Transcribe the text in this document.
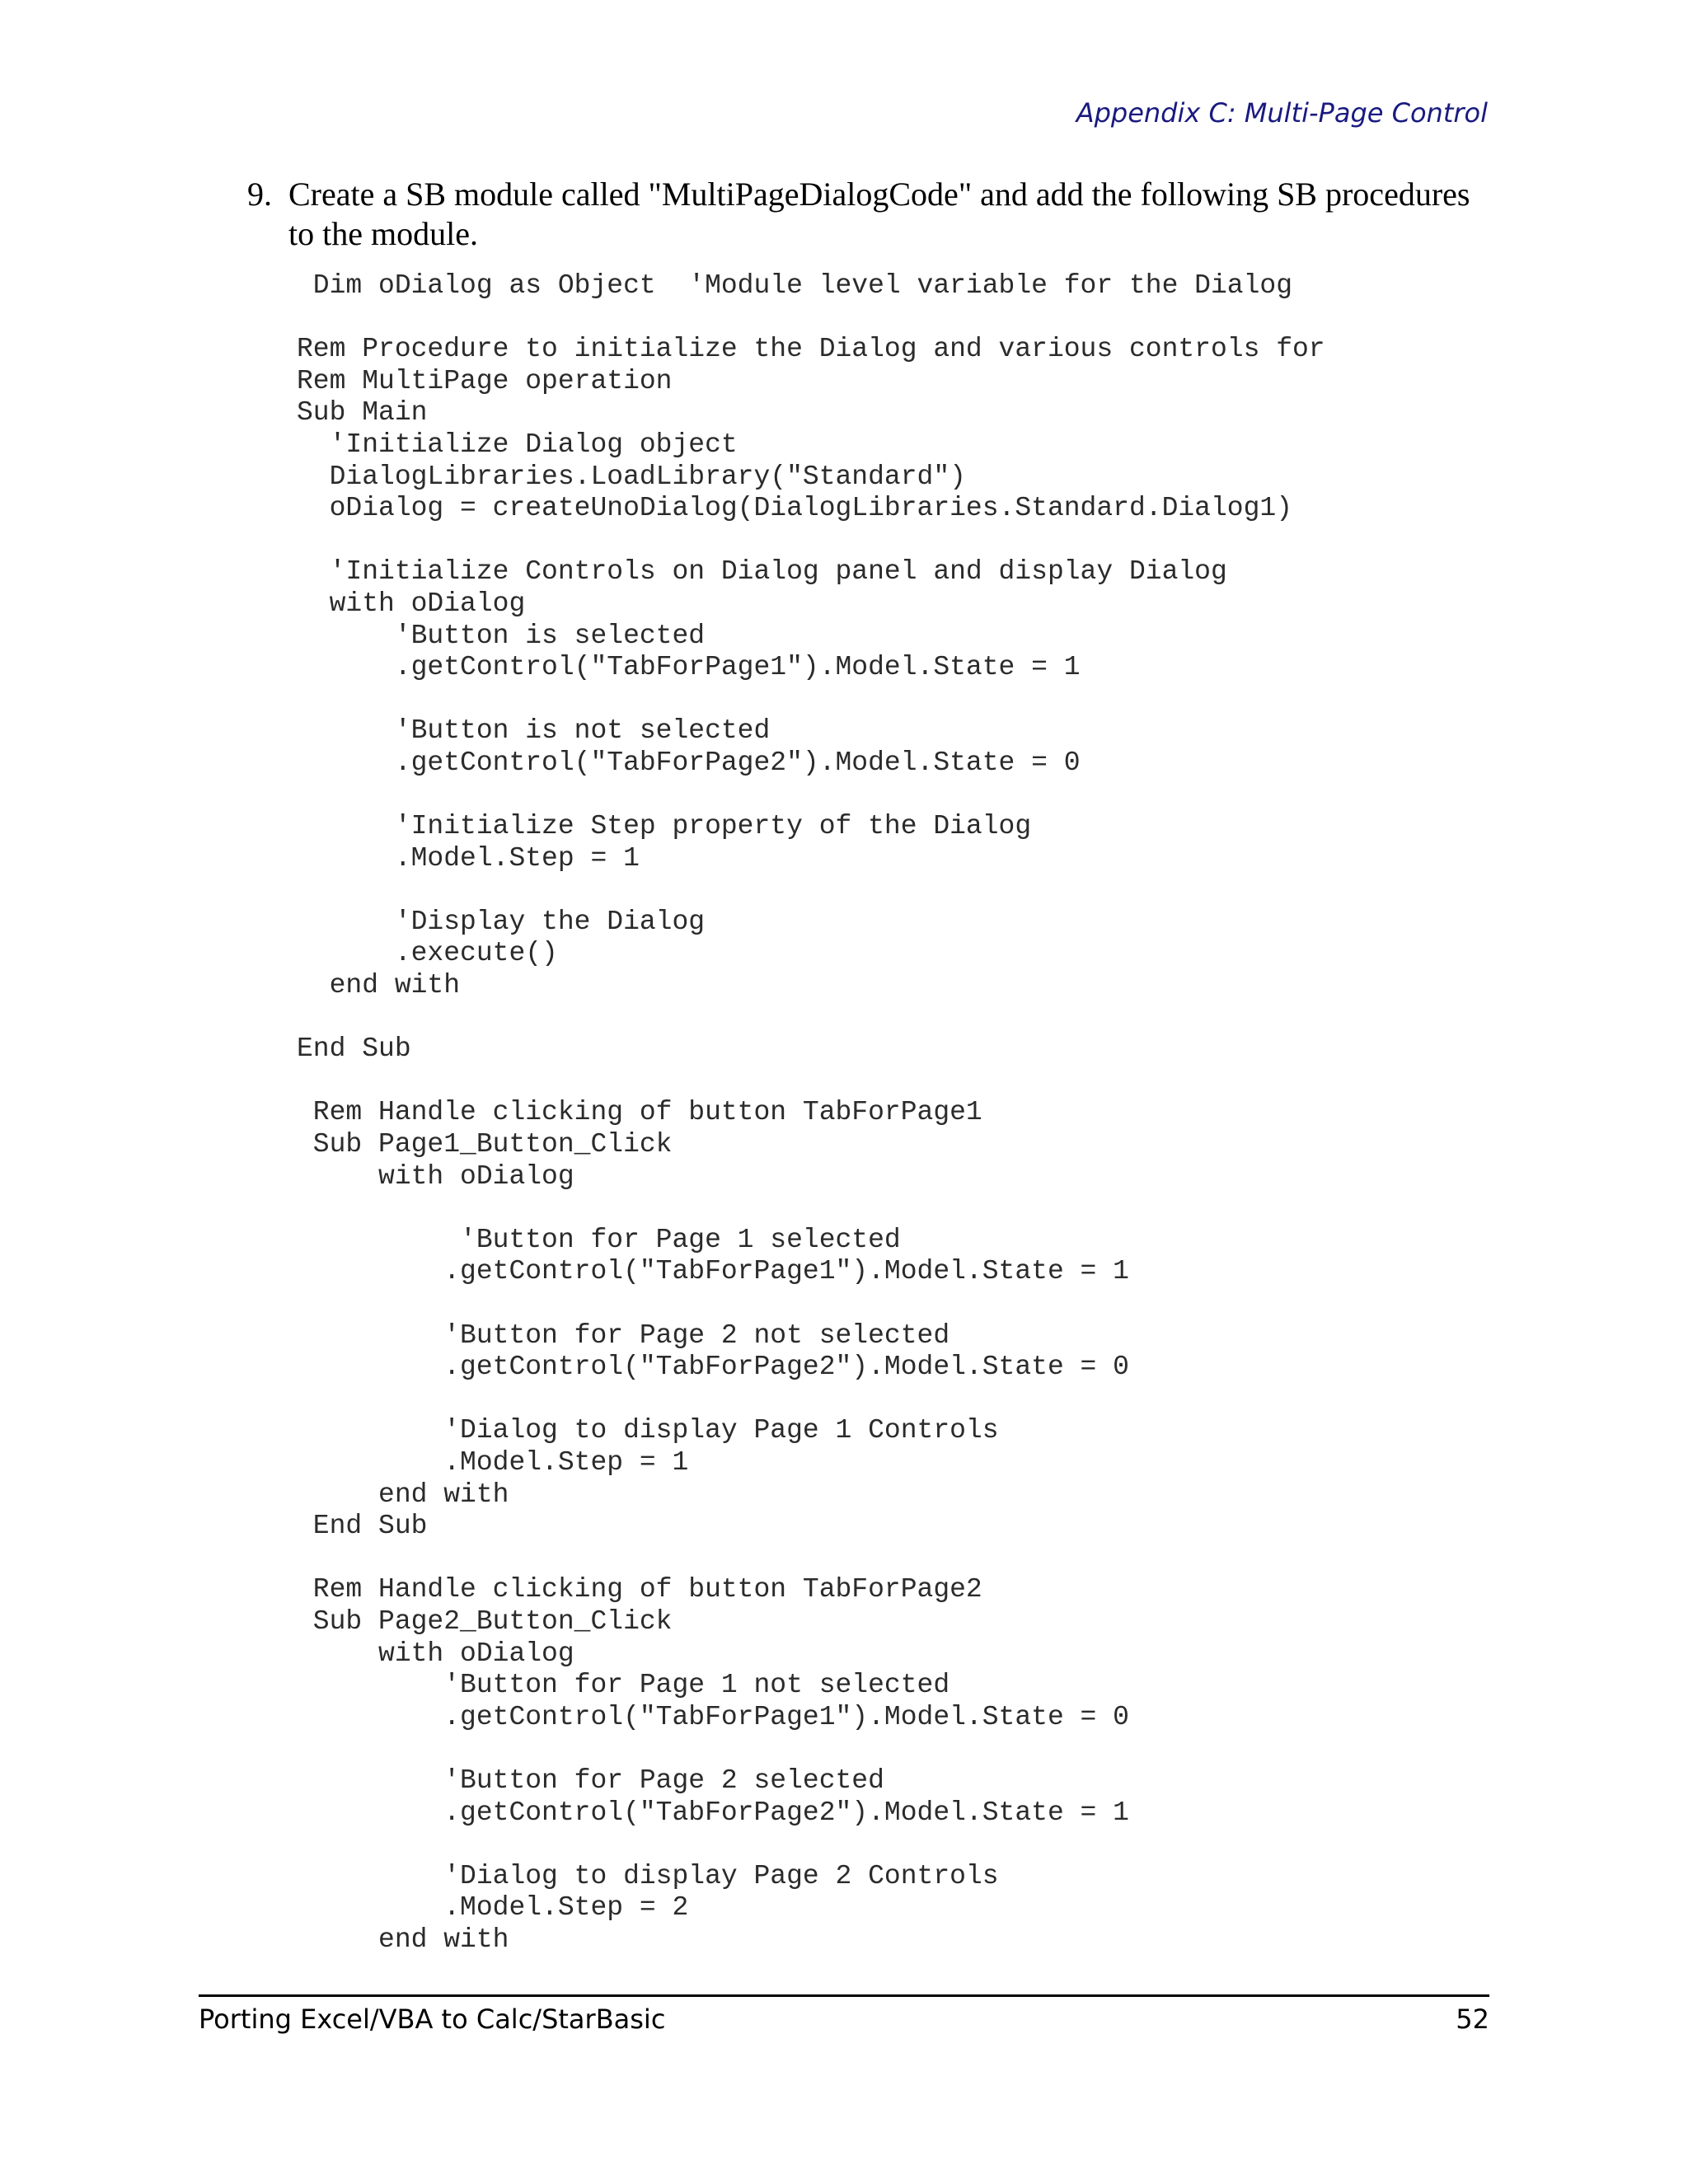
Appendix C: Multi-Page Control
9. Create a SB module called "MultiPageDialogCode" and add the following SB procedures to the module.
Dim oDialog as Object  'Module level variable for the Dialog

Rem Procedure to initialize the Dialog and various controls for
Rem MultiPage operation
Sub Main
'Initialize Dialog object
DialogLibraries.LoadLibrary("Standard")
oDialog = createUnoDialog(DialogLibraries.Standard.Dialog1)

'Initialize Controls on Dialog panel and display Dialog
with oDialog
'Button is selected
.getControl("TabForPage1").Model.State = 1

'Button is not selected
.getControl("TabForPage2").Model.State = 0

'Initialize Step property of the Dialog
.Model.Step = 1

'Display the Dialog
.execute()
end with

End Sub

Rem Handle clicking of button TabForPage1
Sub Page1_Button_Click
with oDialog

'Button for Page 1 selected
.getControl("TabForPage1").Model.State = 1

'Button for Page 2 not selected
.getControl("TabForPage2").Model.State = 0

'Dialog to display Page 1 Controls
.Model.Step = 1
end with
End Sub

Rem Handle clicking of button TabForPage2
Sub Page2_Button_Click
with oDialog
'Button for Page 1 not selected
.getControl("TabForPage1").Model.State = 0

'Button for Page 2 selected
.getControl("TabForPage2").Model.State = 1

'Dialog to display Page 2 Controls
.Model.Step = 2
end with
Porting Excel/VBA to Calc/StarBasic	52
